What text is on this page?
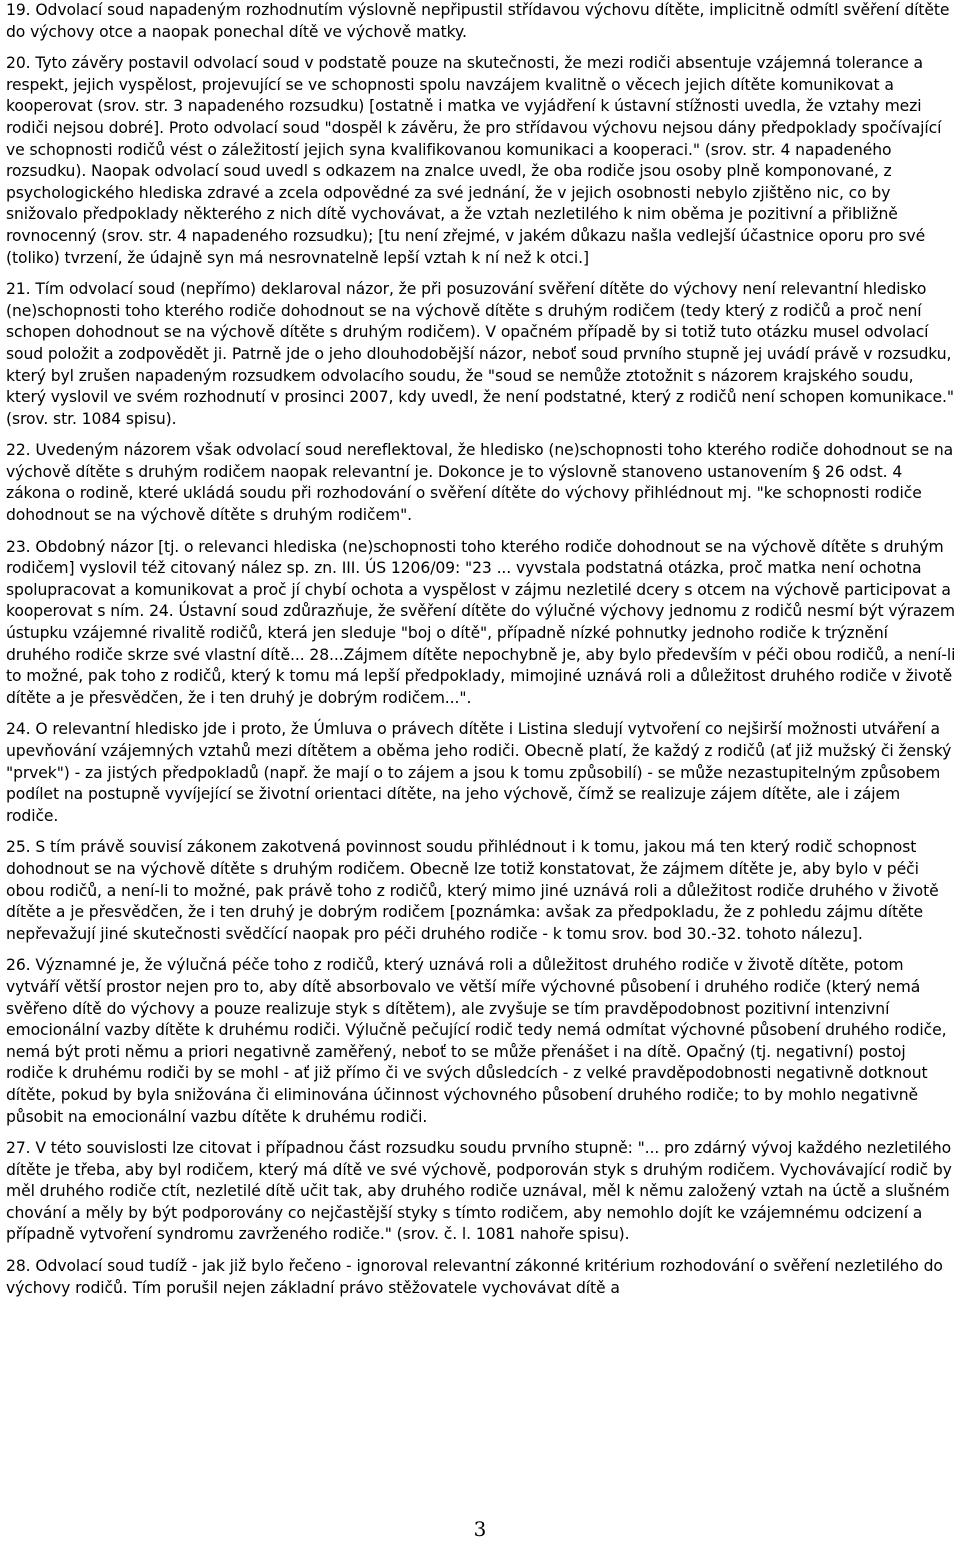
19. Odvolací soud napadeným rozhodnutím výslovně nepřipustil střídavou výchovu dítěte, implicitně odmítl svěření dítěte do výchovy otce a naopak ponechal dítě ve výchově matky.

20. Tyto závěry postavil odvolací soud v podstatě pouze na skutečnosti, že mezi rodiči absentuje vzájemná tolerance a respekt, jejich vyspělost, projevující se ve schopnosti spolu navzájem kvalitně o věcech jejich dítěte komunikovat a kooperovat (srov. str. 3 napadeného rozsudku) [ostatně i matka ve vyjádření k ústavní stížnosti uvedla, že vztahy mezi rodiči nejsou dobré]. Proto odvolací soud "dospěl k závěru, že pro střídavou výchovu nejsou dány předpoklady spočívající ve schopnosti rodičů vést o záležitostí jejich syna kvalifikovanou komunikaci a kooperaci." (srov. str. 4 napadeného rozsudku). Naopak odvolací soud uvedl s odkazem na znalce uvedl, že oba rodiče jsou osoby plně komponované, z psychologického hlediska zdravé a zcela odpovědné za své jednání, že v jejich osobnosti nebylo zjištěno nic, co by snižovalo předpoklady některého z nich dítě vychovávat, a že vztah nezletilého k nim oběma je pozitivní a přibližně rovnocenný (srov. str. 4 napadeného rozsudku); [tu není zřejmé, v jakém důkazu našla vedlejší účastnice oporu pro své (toliko) tvrzení, že údajně syn má nesrovnatelně lepší vztah k ní než k otci.]

21. Tím odvolací soud (nepřímo) deklaroval názor, že při posuzování svěření dítěte do výchovy není relevantní hledisko (ne)schopnosti toho kterého rodiče dohodnout se na výchově dítěte s druhým rodičem (tedy který z rodičů a proč není schopen dohodnout se na výchově dítěte s druhým rodičem). V opačném případě by si totiž tuto otázku musel odvolací soud položit a zodpovědět ji. Patrně jde o jeho dlouhodobější názor, neboť soud prvního stupně jej uvádí právě v rozsudku, který byl zrušen napadeným rozsudkem odvolacího soudu, že "soud se nemůže ztotožnit s názorem krajského soudu, který vyslovil ve svém rozhodnutí v prosinci 2007, kdy uvedl, že není podstatné, který z rodičů není schopen komunikace." (srov. str. 1084 spisu).

22. Uvedeným názorem však odvolací soud nereflektoval, že hledisko (ne)schopnosti toho kterého rodiče dohodnout se na výchově dítěte s druhým rodičem naopak relevantní je. Dokonce je to výslovně stanoveno ustanovením § 26 odst. 4 zákona o rodině, které ukládá soudu při rozhodování o svěření dítěte do výchovy přihlédnout mj. "ke schopnosti rodiče dohodnout se na výchově dítěte s druhým rodičem".

23. Obdobný názor [tj. o relevanci hlediska (ne)schopnosti toho kterého rodiče dohodnout se na výchově dítěte s druhým rodičem] vyslovil též citovaný nález sp. zn. III. ÚS 1206/09: "23 ... vyvstala podstatná otázka, proč matka není ochotna spolupracovat a komunikovat a proč jí chybí ochota a vyspělost v zájmu nezletilé dcery s otcem na výchově participovat a kooperovat s ním. 24. Ústavní soud zdůrazňuje, že svěření dítěte do výlučné výchovy jednomu z rodičů nesmí být výrazem ústupku vzájemné rivalitě rodičů, která jen sleduje "boj o dítě", případně nízké pohnutky jednoho rodiče k trýznění druhého rodiče skrze své vlastní dítě... 28...Zájmem dítěte nepochybně je, aby bylo především v péči obou rodičů, a není-li to možné, pak toho z rodičů, který k tomu má lepší předpoklady, mimojiné uznává roli a důležitost druhého rodiče v životě dítěte a je přesvědčen, že i ten druhý je dobrým rodičem...".

24. O relevantní hledisko jde i proto, že Úmluva o právech dítěte i Listina sledují vytvoření co nejširší možnosti utváření a upevňování vzájemných vztahů mezi dítětem a oběma jeho rodiči. Obecně platí, že každý z rodičů (ať již mužský či ženský "prvek") - za jistých předpokladů (např. že mají o to zájem a jsou k tomu způsobilí) - se může nezastupitelným způsobem podílet na postupně vyvíjející se životní orientaci dítěte, na jeho výchově, čímž se realizuje zájem dítěte, ale i zájem rodiče.

25. S tím právě souvisí zákonem zakotvená povinnost soudu přihlédnout i k tomu, jakou má ten který rodič schopnost dohodnout se na výchově dítěte s druhým rodičem. Obecně lze totiž konstatovat, že zájmem dítěte je, aby bylo v péči obou rodičů, a není-li to možné, pak právě toho z rodičů, který mimo jiné uznává roli a důležitost rodiče druhého v životě dítěte a je přesvědčen, že i ten druhý je dobrým rodičem [poznámka: avšak za předpokladu, že z pohledu zájmu dítěte nepřevažují jiné skutečnosti svědčící naopak pro péči druhého rodiče - k tomu srov. bod 30.-32. tohoto nálezu].

26. Významné je, že výlučná péče toho z rodičů, který uznává roli a důležitost druhého rodiče v životě dítěte, potom vytváří větší prostor nejen pro to, aby dítě absorbovalo ve větší míře výchovné působení i druhého rodiče (který nemá svěřeno dítě do výchovy a pouze realizuje styk s dítětem), ale zvyšuje se tím pravděpodobnost pozitivní intenzivní emocionální vazby dítěte k druhému rodiči. Výlučně pečující rodič tedy nemá odmítat výchovné působení druhého rodiče, nemá být proti němu a priori negativně zaměřený, neboť to se může přenášet i na dítě. Opačný (tj. negativní) postoj rodiče k druhému rodiči by se mohl - ať již přímo či ve svých důsledcích - z velké pravděpodobnosti negativně dotknout dítěte, pokud by byla snižována či eliminována účinnost výchovného působení druhého rodiče; to by mohlo negativně působit na emocionální vazbu dítěte k druhému rodiči.

27. V této souvislosti lze citovat i případnou část rozsudku soudu prvního stupně: "... pro zdárný vývoj každého nezletilého dítěte je třeba, aby byl rodičem, který má dítě ve své výchově, podporován styk s druhým rodičem. Vychovávající rodič by měl druhého rodiče ctít, nezletilé dítě učit tak, aby druhého rodiče uznával, měl k němu založený vztah na úctě a slušném chování a měly by být podporovány co nejčastější styky s tímto rodičem, aby nemohlo dojít ke vzájemnému odcizení a případně vytvoření syndromu zavrženého rodiče." (srov. č. l. 1081 nahoře spisu).

28. Odvolací soud tudíž - jak již bylo řečeno - ignoroval relevantní zákonné kritérium rozhodování o svěření nezletilého do výchovy rodičů. Tím porušil nejen základní právo stěžovatele vychovávat dítě a

3
